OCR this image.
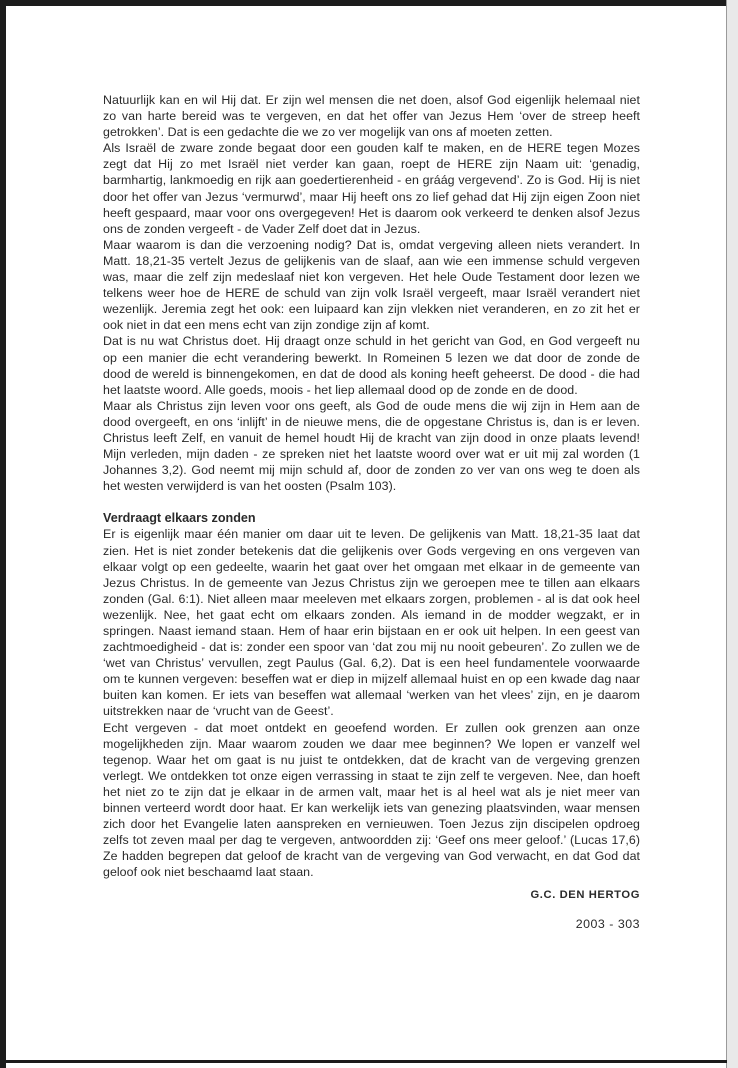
Natuurlijk kan en wil Hij dat. Er zijn wel mensen die net doen, alsof God eigenlijk helemaal niet zo van harte bereid was te vergeven, en dat het offer van Jezus Hem ‘over de streep heeft getrokken’. Dat is een gedachte die we zo ver mogelijk van ons af moeten zetten.

Als Israël de zware zonde begaat door een gouden kalf te maken, en de HERE tegen Mozes zegt dat Hij zo met Israël niet verder kan gaan, roept de HERE zijn Naam uit: ‘genadig, barmhartig, lankmoedig en rijk aan goedertierenheid - en gráág vergevend’. Zo is God. Hij is niet door het offer van Jezus ‘vermurwd’, maar Hij heeft ons zo lief gehad dat Hij zijn eigen Zoon niet heeft gespaard, maar voor ons overgegeven! Het is daarom ook verkeerd te denken alsof Jezus ons de zonden vergeeft - de Vader Zelf doet dat in Jezus.

Maar waarom is dan die verzoening nodig? Dat is, omdat vergeving alleen niets verandert. In Matt. 18,21-35 vertelt Jezus de gelijkenis van de slaaf, aan wie een immense schuld vergeven was, maar die zelf zijn medeslaaf niet kon vergeven. Het hele Oude Testament door lezen we telkens weer hoe de HERE de schuld van zijn volk Israël vergeeft, maar Israël verandert niet wezenlijk. Jeremia zegt het ook: een luipaard kan zijn vlekken niet veranderen, en zo zit het er ook niet in dat een mens echt van zijn zondige zijn af komt.

Dat is nu wat Christus doet. Hij draagt onze schuld in het gericht van God, en God vergeeft nu op een manier die echt verandering bewerkt. In Romeinen 5 lezen we dat door de zonde de dood de wereld is binnengekomen, en dat de dood als koning heeft geheerst. De dood - die had het laatste woord. Alle goeds, moois - het liep allemaal dood op de zonde en de dood.

Maar als Christus zijn leven voor ons geeft, als God de oude mens die wij zijn in Hem aan de dood overgeeft, en ons ‘inlijft’ in de nieuwe mens, die de opgestane Christus is, dan is er leven. Christus leeft Zelf, en vanuit de hemel houdt Hij de kracht van zijn dood in onze plaats levend! Mijn verleden, mijn daden - ze spreken niet het laatste woord over wat er uit mij zal worden (1 Johannes 3,2). God neemt mij mijn schuld af, door de zonden zo ver van ons weg te doen als het westen verwijderd is van het oosten (Psalm 103).

Verdraagt elkaars zonden

Er is eigenlijk maar één manier om daar uit te leven. De gelijkenis van Matt. 18,21-35 laat dat zien. Het is niet zonder betekenis dat die gelijkenis over Gods vergeving en ons vergeven van elkaar volgt op een gedeelte, waarin het gaat over het omgaan met elkaar in de gemeente van Jezus Christus. In de gemeente van Jezus Christus zijn we geroepen mee te tillen aan elkaars zonden (Gal. 6:1). Niet alleen maar meeleven met elkaars zorgen, problemen - al is dat ook heel wezenlijk. Nee, het gaat echt om elkaars zonden. Als iemand in de modder wegzakt, er in springen. Naast iemand staan. Hem of haar erin bijstaan en er ook uit helpen. In een geest van zachtmoedigheid - dat is: zonder een spoor van ‘dat zou mij nu nooit gebeuren’. Zo zullen we de ‘wet van Christus’ vervullen, zegt Paulus (Gal. 6,2). Dat is een heel fundamentele voorwaarde om te kunnen vergeven: beseffen wat er diep in mijzelf allemaal huist en op een kwade dag naar buiten kan komen. Er iets van beseffen wat allemaal ‘werken van het vlees’ zijn, en je daarom uitstrekken naar de ‘vrucht van de Geest’.

Echt vergeven - dat moet ontdekt en geoefend worden. Er zullen ook grenzen aan onze mogelijkheden zijn. Maar waarom zouden we daar mee beginnen? We lopen er vanzelf wel tegenop. Waar het om gaat is nu juist te ontdekken, dat de kracht van de vergeving grenzen verlegt. We ontdekken tot onze eigen verrassing in staat te zijn zelf te vergeven. Nee, dan hoeft het niet zo te zijn dat je elkaar in de armen valt, maar het is al heel wat als je niet meer van binnen verteerd wordt door haat. Er kan werkelijk iets van genezing plaatsvinden, waar mensen zich door het Evangelie laten aanspreken en vernieuwen. Toen Jezus zijn discipelen opdroeg zelfs tot zeven maal per dag te vergeven, antwoordden zij: ‘Geef ons meer geloof.’ (Lucas 17,6) Ze hadden begrepen dat geloof de kracht van de vergeving van God verwacht, en dat God dat geloof ook niet beschaamd laat staan.

G.C. DEN HERTOG
2003 - 303
